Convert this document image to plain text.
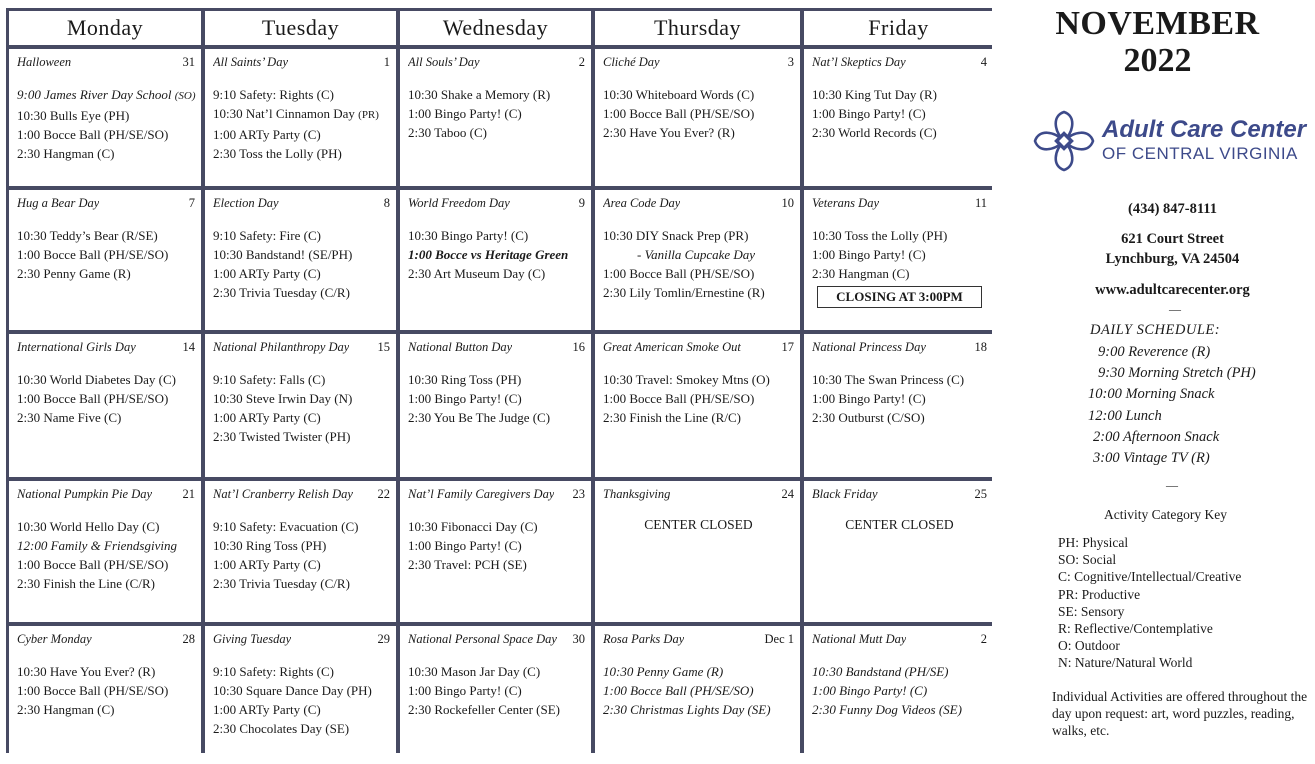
Monday	Tuesday	Wednesday	Thursday	Friday
Halloween	31
9:00 James River Day School (SO)
10:30 Bulls Eye (PH)
1:00 Bocce Ball (PH/SE/SO)
2:30 Hangman (C)
All Saints’ Day	1
9:10 Safety: Rights (C)
10:30 Nat’l Cinnamon Day (PR)
1:00 ARTy Party (C)
2:30 Toss the Lolly (PH)
All Souls’ Day	2
10:30 Shake a Memory (R)
1:00 Bingo Party! (C)
2:30 Taboo (C)
Cliché Day	3
10:30 Whiteboard Words (C)
1:00 Bocce Ball (PH/SE/SO)
2:30 Have You Ever? (R)
Nat’l Skeptics Day	4
10:30 King Tut Day (R)
1:00 Bingo Party! (C)
2:30 World Records (C)
Hug a Bear Day	7
10:30 Teddy’s Bear (R/SE)
1:00 Bocce Ball (PH/SE/SO)
2:30 Penny Game (R)
Election Day	8
9:10 Safety: Fire (C)
10:30 Bandstand! (SE/PH)
1:00 ARTy Party (C)
2:30 Trivia Tuesday (C/R)
World Freedom Day	9
10:30 Bingo Party! (C)
1:00 Bocce vs Heritage Green
2:30 Art Museum Day (C)
Area Code Day	10
10:30 DIY Snack Prep (PR)
- Vanilla Cupcake Day
1:00 Bocce Ball (PH/SE/SO)
2:30 Lily Tomlin/Ernestine (R)
Veterans Day	11
10:30 Toss the Lolly (PH)
1:00 Bingo Party! (C)
2:30 Hangman (C)
CLOSING AT 3:00PM
International Girls Day	14
10:30 World Diabetes Day (C)
1:00 Bocce Ball (PH/SE/SO)
2:30 Name Five (C)
National Philanthropy Day	15
9:10 Safety: Falls (C)
10:30 Steve Irwin Day (N)
1:00 ARTy Party (C)
2:30 Twisted Twister (PH)
National Button Day	16
10:30 Ring Toss (PH)
1:00 Bingo Party! (C)
2:30 You Be The Judge (C)
Great American Smoke Out	17
10:30 Travel: Smokey Mtns (O)
1:00 Bocce Ball (PH/SE/SO)
2:30 Finish the Line (R/C)
National Princess Day	18
10:30 The Swan Princess (C)
1:00 Bingo Party! (C)
2:30 Outburst (C/SO)
National Pumpkin Pie Day	21
10:30 World Hello Day (C)
12:00 Family & Friendsgiving
1:00 Bocce Ball (PH/SE/SO)
2:30 Finish the Line (C/R)
Nat’l Cranberry Relish Day	22
9:10 Safety: Evacuation (C)
10:30 Ring Toss (PH)
1:00 ARTy Party (C)
2:30 Trivia Tuesday (C/R)
Nat’l Family Caregivers Day	23
10:30 Fibonacci Day (C)
1:00 Bingo Party! (C)
2:30 Travel: PCH (SE)
Thanksgiving	24
CENTER CLOSED
Black Friday	25
CENTER CLOSED
Cyber Monday	28
10:30 Have You Ever? (R)
1:00 Bocce Ball (PH/SE/SO)
2:30 Hangman (C)
Giving Tuesday	29
9:10 Safety: Rights (C)
10:30 Square Dance Day (PH)
1:00 ARTy Party (C)
2:30 Chocolates Day (SE)
National Personal Space Day	30
10:30 Mason Jar Day (C)
1:00 Bingo Party! (C)
2:30 Rockefeller Center (SE)
Rosa Parks Day	Dec 1
10:30 Penny Game (R)
1:00 Bocce Ball (PH/SE/SO)
2:30 Christmas Lights Day (SE)
National Mutt Day	2
10:30 Bandstand (PH/SE)
1:00 Bingo Party! (C)
2:30 Funny Dog Videos (SE)
NOVEMBER
2022
Adult Care Center
OF CENTRAL VIRGINIA
(434) 847-8111
621 Court Street
Lynchburg, VA 24504
www.adultcarecenter.org
—
DAILY SCHEDULE:
9:00 Reverence (R)
9:30 Morning Stretch (PH)
10:00 Morning Snack
12:00 Lunch
2:00 Afternoon Snack
3:00 Vintage TV (R)
—
Activity Category Key
PH: Physical
SO: Social
C: Cognitive/Intellectual/Creative
PR: Productive
SE: Sensory
R: Reflective/Contemplative
O: Outdoor
N: Nature/Natural World
Individual Activities are offered throughout the day upon request: art, word puzzles, reading, walks, etc.
